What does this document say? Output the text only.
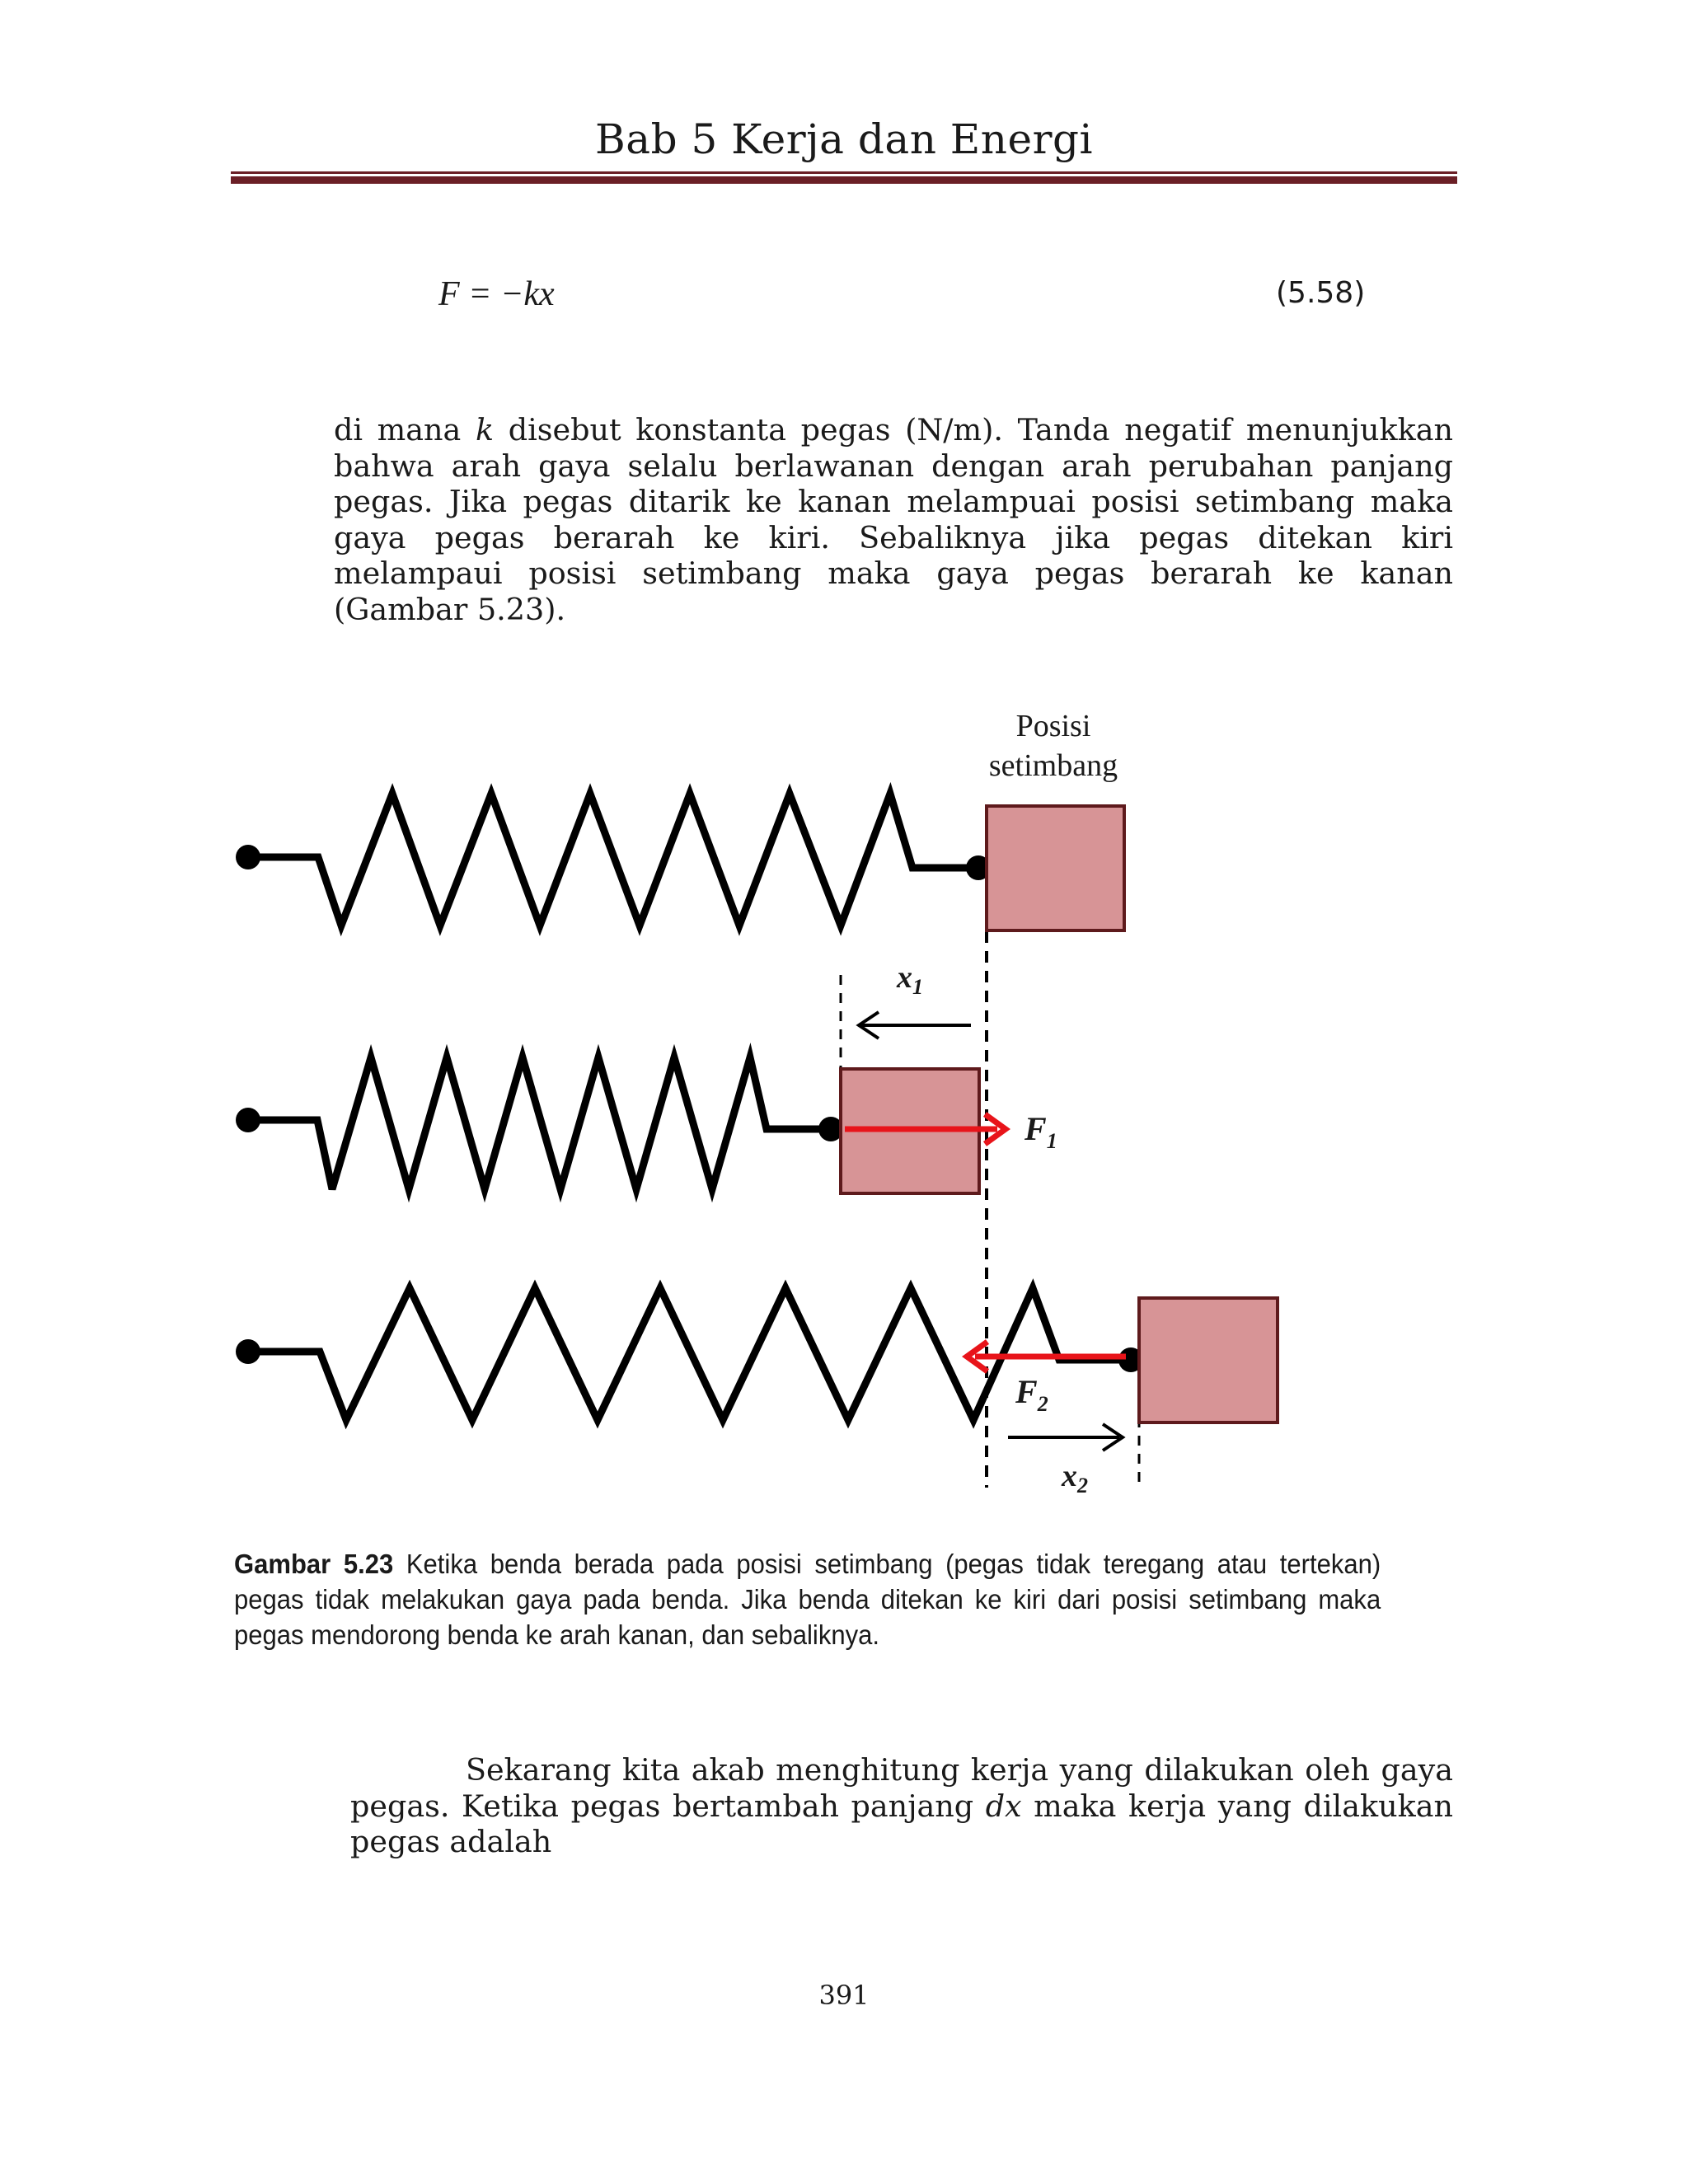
Bab 5 Kerja dan Energi
F = −kx	(5.58)
di mana k disebut konstanta pegas (N/m). Tanda negatif menunjukkan bahwa arah gaya selalu berlawanan dengan arah perubahan panjang pegas. Jika pegas ditarik ke kanan melampuai posisi setimbang maka gaya pegas berarah ke kiri. Sebaliknya jika pegas ditekan kiri melampaui posisi setimbang maka gaya pegas berarah ke kanan (Gambar 5.23).
Posisi
setimbang
$x_1$
$F_1$
$F_2$
$x_2$
Gambar 5.23 Ketika benda berada pada posisi setimbang (pegas tidak teregang atau tertekan) pegas tidak melakukan gaya pada benda. Jika benda ditekan ke kiri dari posisi setimbang maka pegas mendorong benda ke arah kanan, dan sebaliknya.
Sekarang kita akab menghitung kerja yang dilakukan oleh gaya pegas. Ketika pegas bertambah panjang dx maka kerja yang dilakukan pegas adalah
391
